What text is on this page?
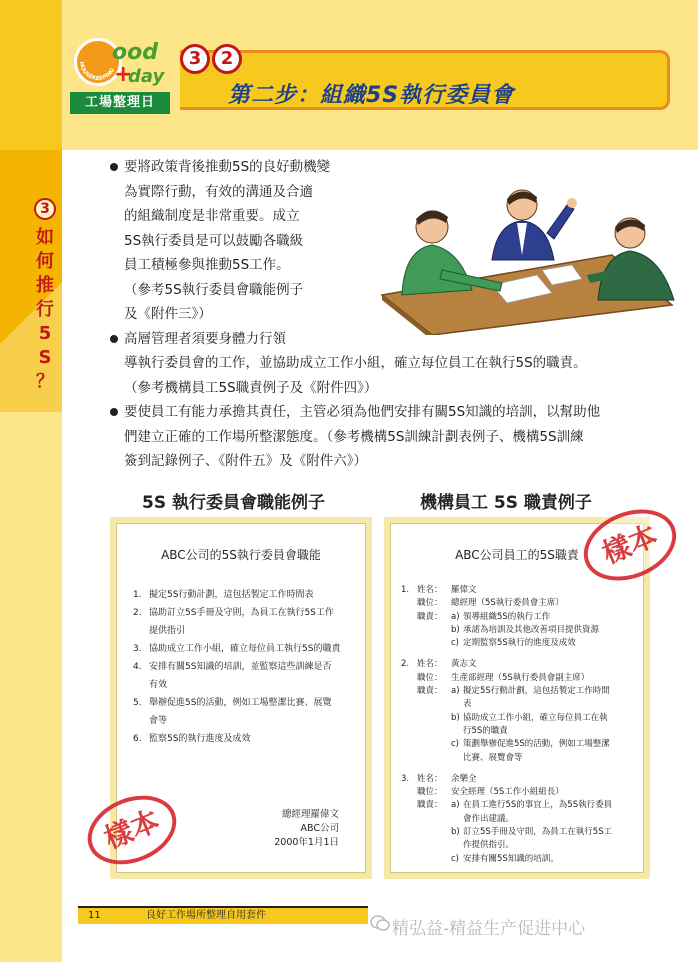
3
如
何
推
行
5
S
？
HOUSEKEEPING
ood
+
day
工場整理日
3	2
第二步：組織5S執行委員會
要將政策背後推動5S的良好動機變
為實際行動，有效的溝通及合適
的組織制度是非常重要。成立
5S執行委員是可以鼓勵各職級
員工積極參與推動5S工作。
（參考5S執行委員會職能例子
及《附件三》）
高層管理者須要身體力行領
導執行委員會的工作，並協助成立工作小組，確立每位員工在執行5S的職責。
（參考機構員工5S職責例子及《附件四》）
要使員工有能力承擔其責任，主管必須為他們安排有關5S知識的培訓，以幫助他
們建立正確的工作場所整潔態度。（參考機構5S訓練計劃表例子、機構5S訓練
簽到記錄例子、《附件五》及《附件六》）
5S 執行委員會職能例子
ABC公司的5S執行委員會職能
1. 擬定5S行動計劃，這包括製定工作時間表
2. 協助訂立5S手冊及守則，為員工在執行5S工作
提供指引
3. 協助成立工作小組，確立每位員工執行5S的職責
4. 安排有關5S知識的培訓，並監察這些訓練是否
有效
5. 舉辦促進5S的活動，例如工場整潔比賽、展覽
會等
6. 監察5S的執行進度及成效
總經理羅偉文
ABC公司
2000年1月1日
樣本
機構員工 5S 職責例子
ABC公司員工的5S職責
1. 姓名： 羅偉文
職位： 總經理（5S執行委員會主席）
職責： a) 領導組織5S的執行工作
b) 承諾為培訓及其他改善項目提供資源
c) 定期監察5S執行的進度及成效
2. 姓名： 黃志文
職位： 生產部經理（5S執行委員會副主席）
職責： a) 擬定5S行動計劃，這包括製定工作時間
表
b) 協助成立工作小組，確立每位員工在執
行5S的職責
c) 策劃舉辦促進5S的活動，例如工場整潔
比賽、展覽會等
3. 姓名： 余樂全
職位： 安全經理（5S工作小組組長）
職責： a) 在員工進行5S的事宜上，為5S執行委員
會作出建議。
b) 訂立5S手冊及守則，為員工在執行5S工
作提供指引。
c) 安排有關5S知識的培訓。
樣本
11	良好工作場所整理自用套件
精弘益-精益生产促进中心
